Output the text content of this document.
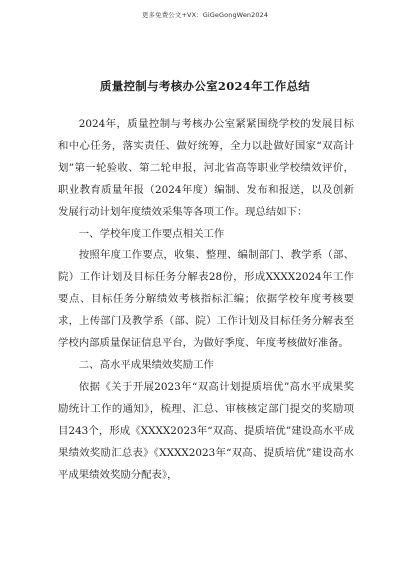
更多免费公文+VX：GiGeGongWen2024
质量控制与考核办公室2024年工作总结

2024年，质量控制与考核办公室紧紧围绕学校的发展目标和中心任务，落实责任、做好统筹，全力以赴做好国家“双高计划”第一轮验收、第二轮申报，河北省高等职业学校绩效评价，职业教育质量年报（2024年度）编制、发布和报送，以及创新发展行动计划年度绩效采集等各项工作。现总结如下：

一、学校年度工作要点相关工作

按照年度工作要点，收集、整理、编制部门、教学系（部、院）工作计划及目标任务分解表28份，形成XXXX2024年工作要点、目标任务分解绩效考核指标汇编；依据学校年度考核要求，上传部门及教学系（部、院）工作计划及目标任务分解表至学校内部质量保证信息平台，为做好季度、年度考核做好准备。

二、高水平成果绩效奖励工作

依据《关于开展2023年“双高计划提质培优”高水平成果奖励统计工作的通知》，梳理、汇总、审核核定部门提交的奖励项目243个，形成《XXXX2023年“双高、提质培优”建设高水平成果绩效奖励汇总表》《XXXX2023年“双高、提质培优”建设高水平成果绩效奖励分配表》，
